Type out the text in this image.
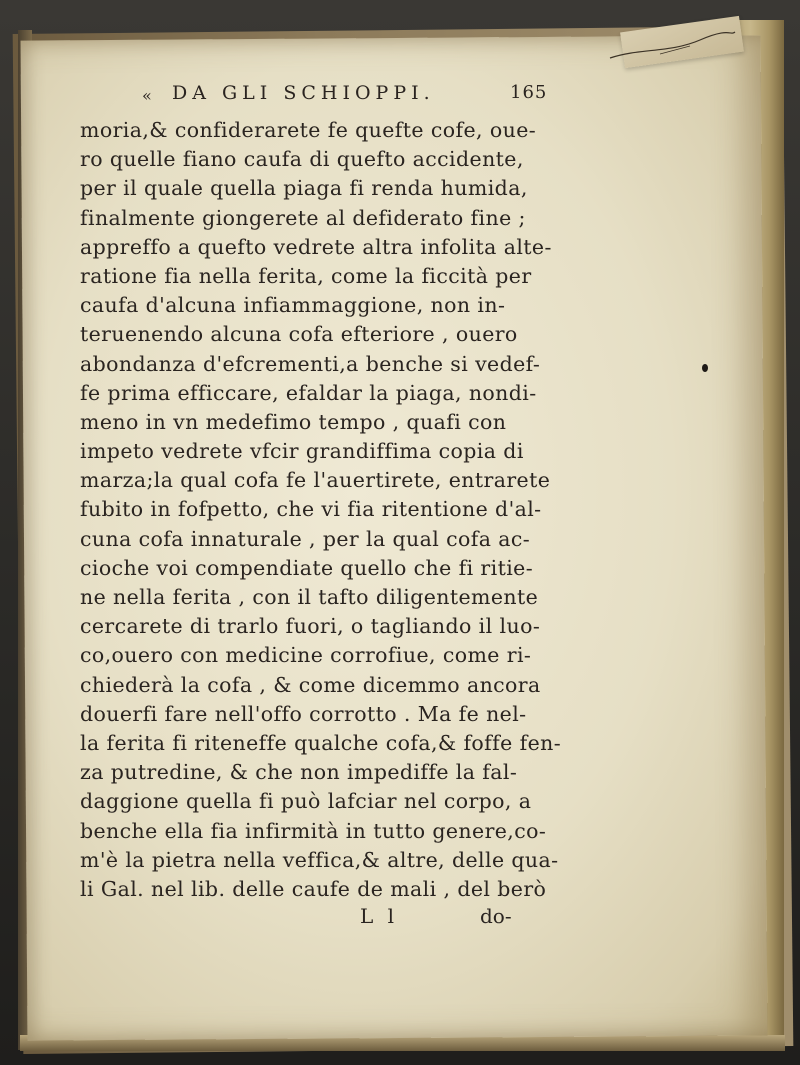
« DA GLI SCHIOPPI.	165
moria,& confiderarete fe quefte cofe, oue-
ro quelle fiano caufa di quefto accidente,
per il quale quella piaga fi renda humida,
finalmente giongerete al defiderato fine ;
appreffo a quefto vedrete altra infolita alte-
ratione fia nella ferita, come la ficcità per
caufa d'alcuna infiammaggione, non in-
teruenendo alcuna cofa efteriore , ouero
abondanza d'efcrementi,a benche si vedef-
fe prima efficcare, efaldar la piaga, nondi-
meno in vn medefimo tempo , quafi con
impeto vedrete vfcir grandiffima copia di
marza;la qual cofa fe l'auertirete, entrarete
fubito in fofpetto, che vi fia ritentione d'al-
cuna cofa innaturale , per la qual cofa ac-
cioche voi compendiate quello che fi ritie-
ne nella ferita , con il tafto diligentemente
cercarete di trarlo fuori, o tagliando il luo-
co,ouero con medicine corrofiue, come ri-
chiederà la cofa , & come dicemmo ancora
douerfi fare nell'offo corrotto . Ma fe nel-
la ferita fi riteneffe qualche cofa,& foffe fen-
za putredine, & che non impediffe la fal-
daggione quella fi può lafciar nel corpo, a
benche ella fia infirmità in tutto genere,co-
m'è la pietra nella veffica,& altre, delle qua-
li Gal. nel lib. delle caufe de mali , del berò
L l	do-
